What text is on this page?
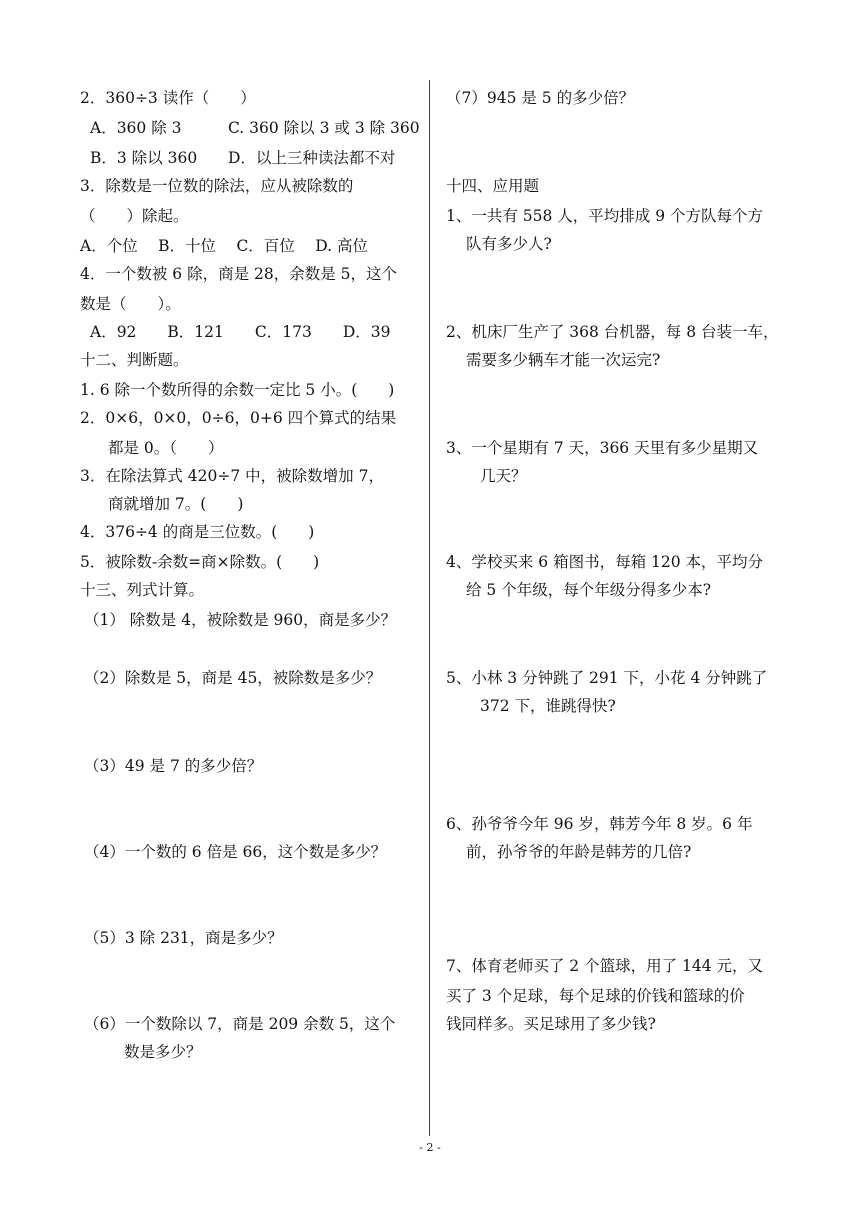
2．360÷3 读作（　　）
A．360 除 3	C. 360 除以 3 或 3 除 360
B．3 除以 360 D．以上三种读法都不对
3．除数是一位数的除法，应从被除数的
（　　）除起。
A．个位　 B．十位　 C．百位　 D. 高位
4．一个数被 6 除，商是 28，余数是 5，这个
数是（　　）。
A．92　　B．121　　C．173　　D．39
十二、判断题。
1. 6 除一个数所得的余数一定比 5 小。(　　)
2．0×6，0×0，0÷6，0+6 四个算式的结果
都是 0。（　　）
3．在除法算式 420÷7 中，被除数增加 7，
商就增加 7。(　　)
4．376÷4 的商是三位数。(　　)
5．被除数-余数=商×除数。(　　)
十三、列式计算。
（1） 除数是 4，被除数是 960，商是多少？
（2）除数是 5，商是 45，被除数是多少？
（3）49 是 7 的多少倍？
（4）一个数的 6 倍是 66，这个数是多少？
（5）3 除 231，商是多少？
（6）一个数除以 7，商是 209 余数 5，这个
数是多少？
（7）945 是 5 的多少倍？
十四、应用题
1、一共有 558 人，平均排成 9 个方队每个方
队有多少人?
2、机床厂生产了 368 台机器，每 8 台装一车，
需要多少辆车才能一次运完?
3、一个星期有 7 天，366 天里有多少星期又
几天？
4、学校买来 6 箱图书，每箱 120 本，平均分
给 5 个年级，每个年级分得多少本?
5、小林 3 分钟跳了 291 下，小花 4 分钟跳了
372 下，谁跳得快?
6、孙爷爷今年 96 岁，韩芳今年 8 岁。6 年
前，孙爷爷的年龄是韩芳的几倍?
7、体育老师买了 2 个篮球，用了 144 元，又
买了 3 个足球，每个足球的价钱和篮球的价
钱同样多。买足球用了多少钱?
- 2 -
